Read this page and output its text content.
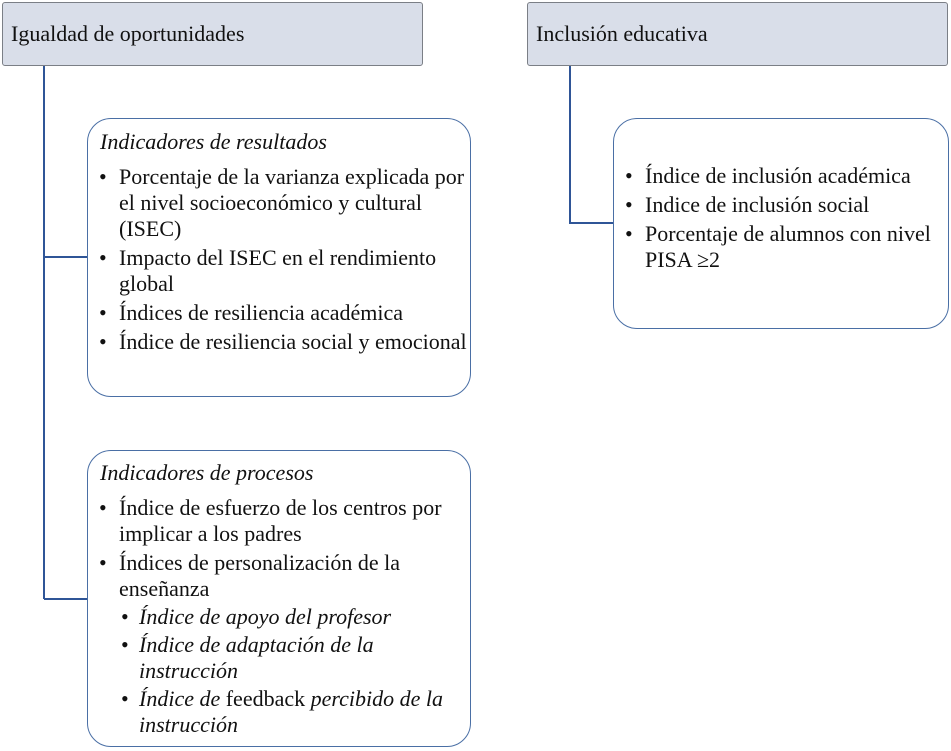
Igualdad de oportunidades	Inclusión educativa
Indicadores de resultados
• Porcentaje de la varianza explicada por el nivel socioeconómico y cultural (ISEC)
• Impacto del ISEC en el rendimiento global
• Índices de resiliencia académica
• Índice de resiliencia social y emocional
Indicadores de procesos
• Índice de esfuerzo de los centros por implicar a los padres
• Índices de personalización de la enseñanza
• Índice de apoyo del profesor
• Índice de adaptación de la instrucción
• Índice de feedback percibido de la instrucción
• Índice de inclusión académica
• Indice de inclusión social
• Porcentaje de alumnos con nivel PISA ≥2
